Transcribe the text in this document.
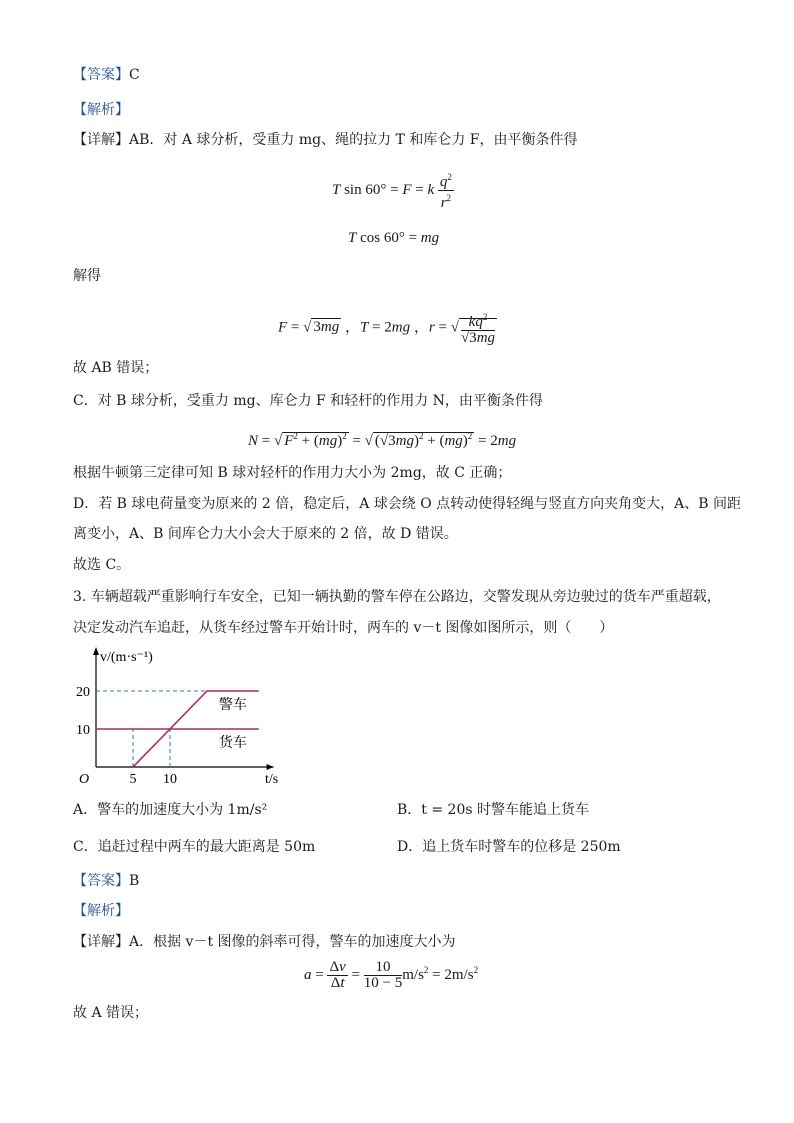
【答案】C
【解析】
【详解】AB．对 A 球分析，受重力 mg、绳的拉力 T 和库仑力 F，由平衡条件得
T sin 60° = F = k $\frac{q^2}{r^2}$
T cos 60° = mg
解得
F = √ 3mg ，T = 2mg ，r = √ $\frac{kq^2}{√3mg}$
故 AB 错误；
C．对 B 球分析，受重力 mg、库仑力 F 和轻杆的作用力 N，由平衡条件得
N = √ $F^2 + (mg)^2$ = √ $(√3mg)^2 + (mg)^2 = 2mg$
根据牛顿第三定律可知 B 球对轻杆的作用力大小为 2mg，故 C 正确；
D．若 B 球电荷量变为原来的 2 倍，稳定后，A 球会绕 O 点转动使得轻绳与竖直方向夹角变大，A、B 间距
离变小，A、B 间库仑力大小会大于原来的 2 倍，故 D 错误。
故选 C。
3. 车辆超载严重影响行车安全，已知一辆执勤的警车停在公路边，交警发现从旁边驶过的货车严重超载，
决定发动汽车追赶，从货车经过警车开始计时，两车的 v－t 图像如图所示，则（　　）
警车
货车
20
10
5 10
O
v/(m·s⁻¹)
t/s
A．警车的加速度大小为 1m/s²	B．t = 20s 时警车能追上货车
C．追赶过程中两车的最大距离是 50m	D．追上货车时警车的位移是 250m
【答案】B
【解析】
【详解】A．根据 v－t 图像的斜率可得，警车的加速度大小为
$a = \frac{\Delta v}{\Delta t} = \frac{10}{10 - 5} m/s^2 = 2m/s^2$
故 A 错误；
